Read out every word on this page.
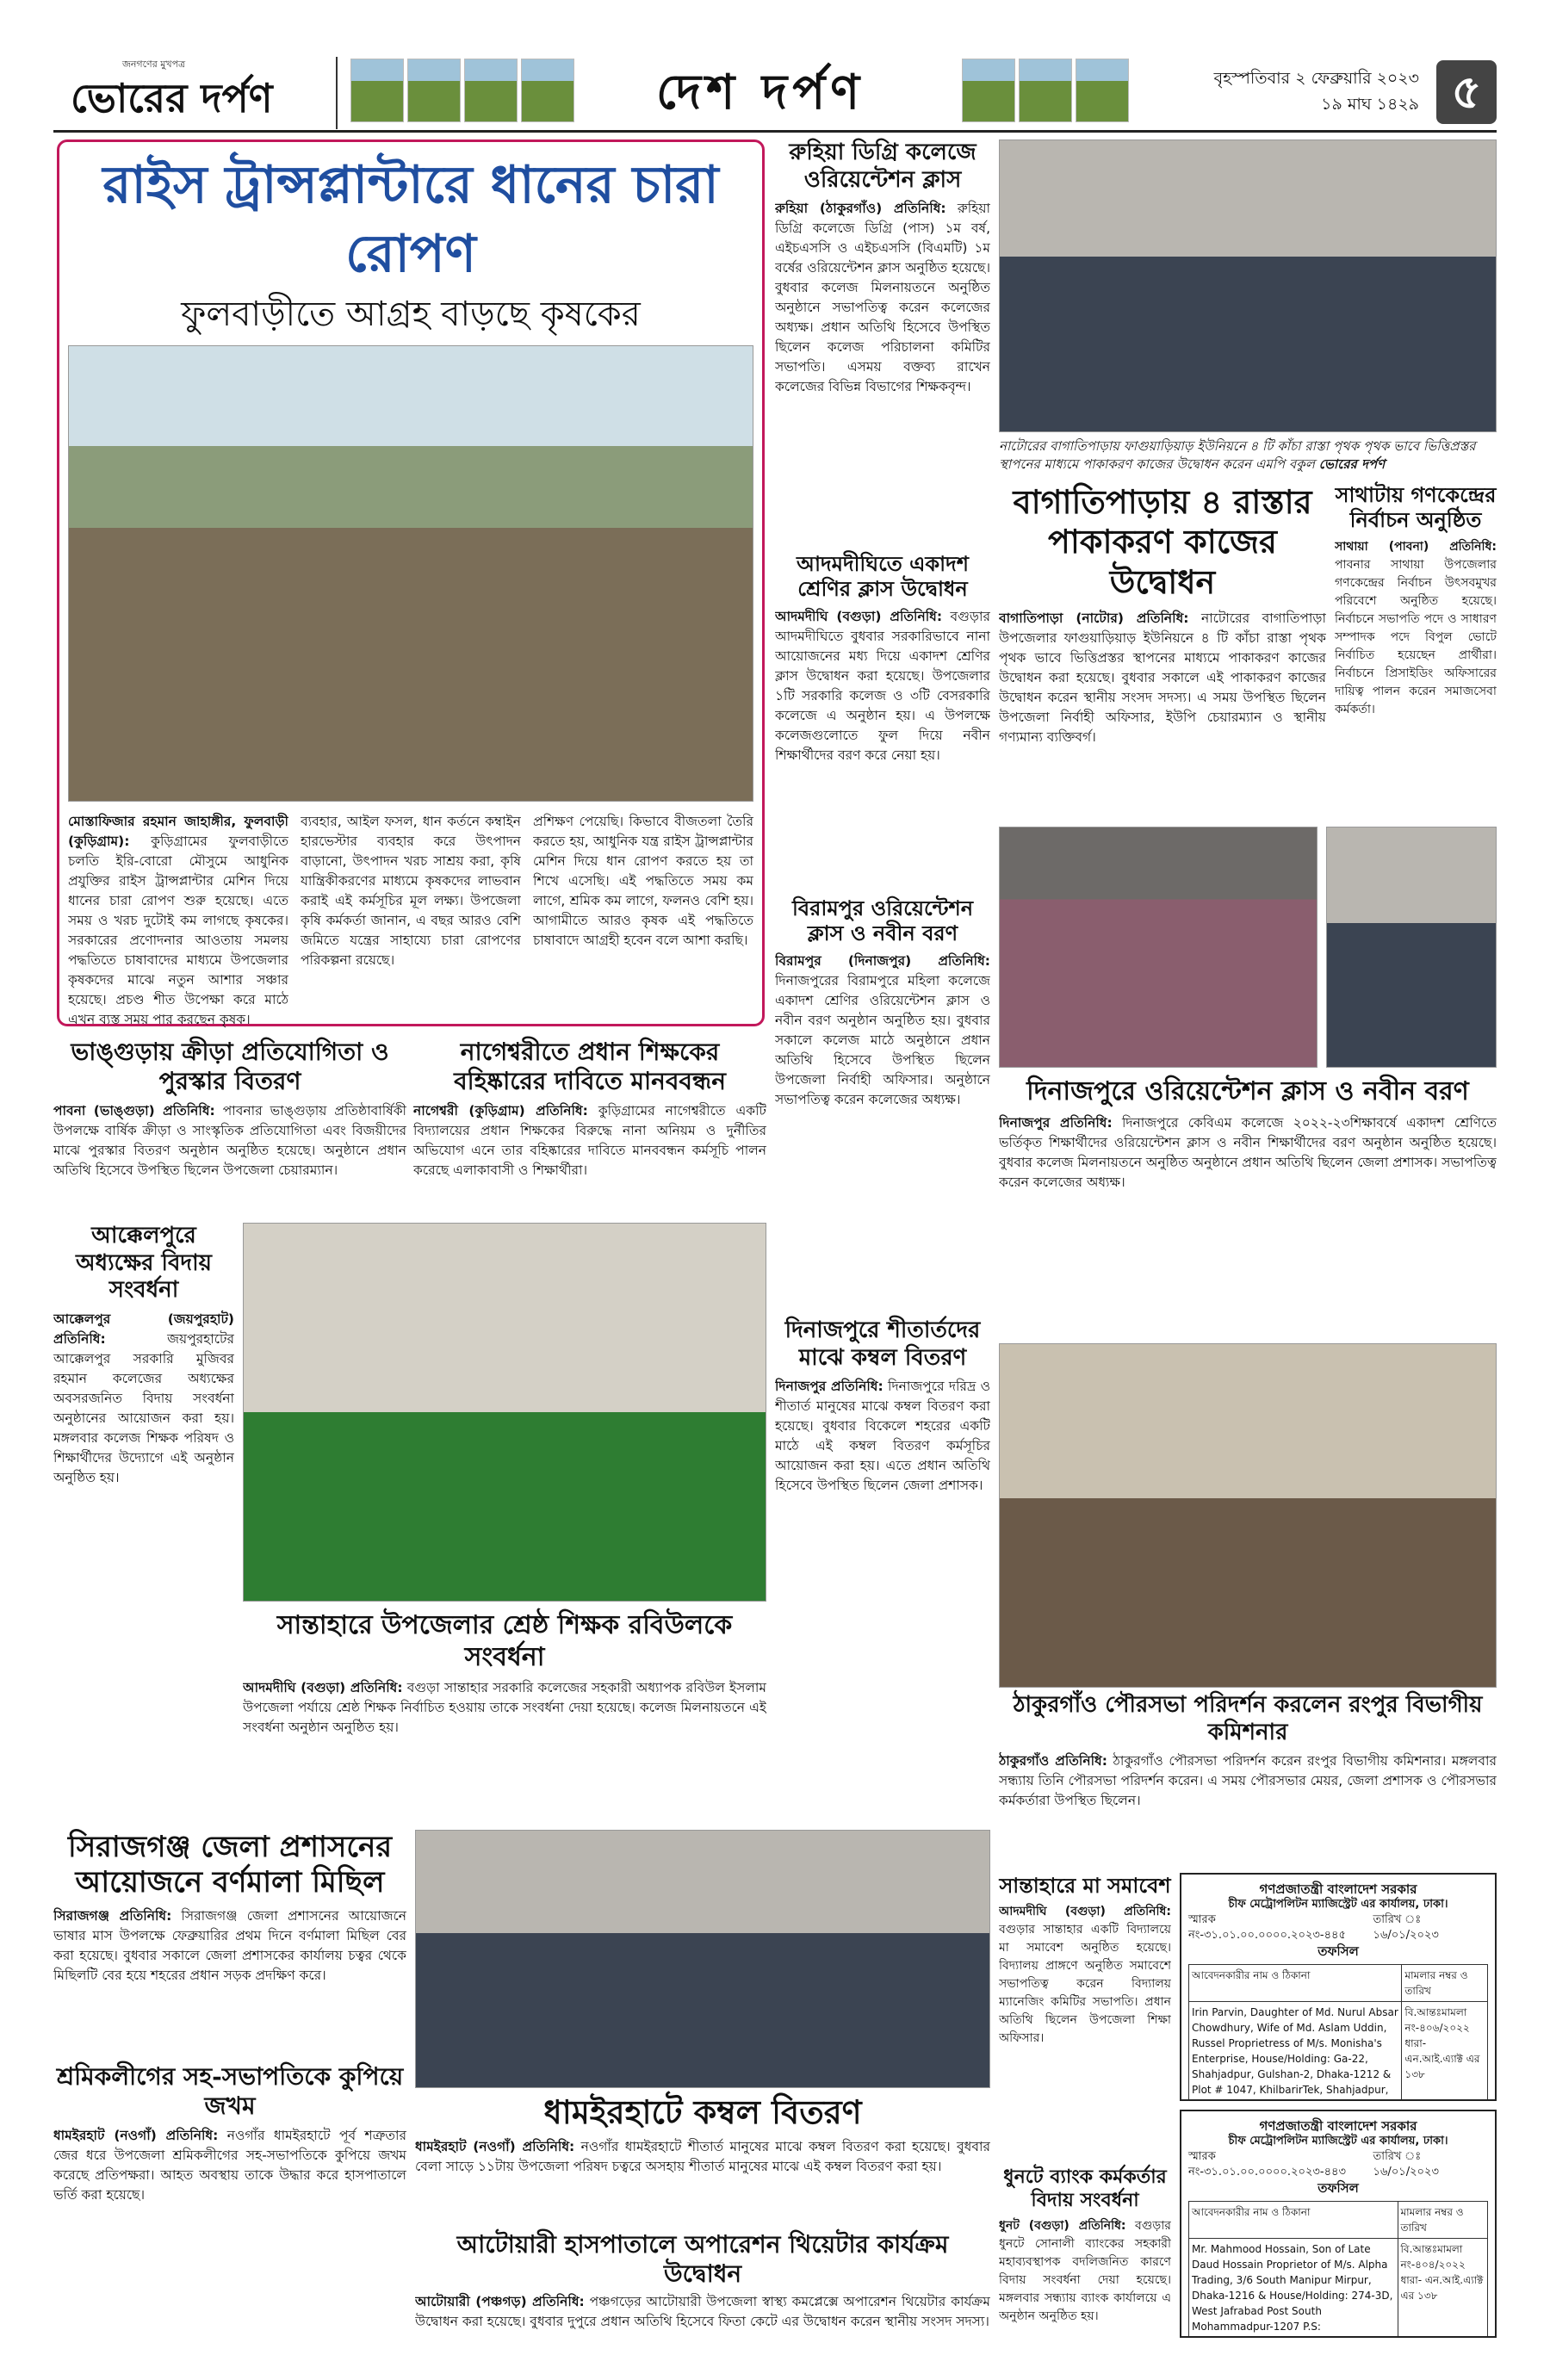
জনগণের মুখপত্র
ভোরের দর্পণ	দেশ দর্পণ	বৃহস্পতিবার ২ ফেব্রুয়ারি ২০২৩
১৯ মাঘ ১৪২৯ ৫
রাইস ট্রান্সপ্লান্টারে ধানের চারা রোপণ
ফুলবাড়ীতে আগ্রহ বাড়ছে কৃষকের

মোস্তাফিজার রহমান জাহাঙ্গীর, ফুলবাড়ী (কুড়িগ্রাম): কুড়িগ্রামের ফুলবাড়ীতে চলতি ইরি-বোরো মৌসুমে আধুনিক প্রযুক্তির রাইস ট্রান্সপ্লান্টার মেশিন দিয়ে ধানের চারা রোপণ শুরু হয়েছে। এতে সময় ও খরচ দুটোই কম লাগছে কৃষকের। সরকারের প্রণোদনার আওতায় সমলয় পদ্ধতিতে চাষাবাদের মাধ্যমে উপজেলার কৃষকদের মাঝে নতুন আশার সঞ্চার হয়েছে। প্রচণ্ড শীত উপেক্ষা করে মাঠে এখন ব্যস্ত সময় পার করছেন কৃষক।

ব্যবহার, আইল ফসল, ধান কর্তনে কম্বাইন হারভেস্টার ব্যবহার করে উৎপাদন বাড়ানো, উৎপাদন খরচ সাশ্রয় করা, কৃষি যান্ত্রিকীকরণের মাধ্যমে কৃষকদের লাভবান করাই এই কর্মসূচির মূল লক্ষ্য। উপজেলা কৃষি কর্মকর্তা জানান, এ বছর আরও বেশি জমিতে যন্ত্রের সাহায্যে চারা রোপণের পরিকল্পনা রয়েছে।

প্রশিক্ষণ পেয়েছি। কিভাবে বীজতলা তৈরি করতে হয়, আধুনিক যন্ত্র রাইস ট্রান্সপ্লান্টার মেশিন দিয়ে ধান রোপণ করতে হয় তা শিখে এসেছি। এই পদ্ধতিতে সময় কম লাগে, শ্রমিক কম লাগে, ফলনও বেশি হয়। আগামীতে আরও কৃষক এই পদ্ধতিতে চাষাবাদে আগ্রহী হবেন বলে আশা করছি।

রুহিয়া ডিগ্রি কলেজে ওরিয়েন্টেশন ক্লাস
রুহিয়া (ঠাকুরগাঁও) প্রতিনিধি: রুহিয়া ডিগ্রি কলেজে ডিগ্রি (পাস) ১ম বর্ষ, এইচএসসি ও এইচএসসি (বিএমটি) ১ম বর্ষের ওরিয়েন্টেশন ক্লাস অনুষ্ঠিত হয়েছে। বুধবার কলেজ মিলনায়তনে অনুষ্ঠিত অনুষ্ঠানে সভাপতিত্ব করেন কলেজের অধ্যক্ষ। প্রধান অতিথি হিসেবে উপস্থিত ছিলেন কলেজ পরিচালনা কমিটির সভাপতি। এসময় বক্তব্য রাখেন কলেজের বিভিন্ন বিভাগের শিক্ষকবৃন্দ।
নাটোরের বাগাতিপাড়ায় ফাগুয়াড়িয়াড় ইউনিয়নে ৪ টি কাঁচা রাস্তা পৃথক পৃথক ভাবে ভিত্তিপ্রস্তর স্থাপনের মাধ্যমে পাকাকরণ কাজের উদ্বোধন করেন এমপি বকুল ভোরের দর্পণ
বাগাতিপাড়ায় ৪ রাস্তার পাকাকরণ কাজের উদ্বোধন
বাগাতিপাড়া (নাটোর) প্রতিনিধি: নাটোরের বাগাতিপাড়া উপজেলার ফাগুয়াড়িয়াড় ইউনিয়নে ৪ টি কাঁচা রাস্তা পৃথক পৃথক ভাবে ভিত্তিপ্রস্তর স্থাপনের মাধ্যমে পাকাকরণ কাজের উদ্বোধন করা হয়েছে। বুধবার সকালে এই পাকাকরণ কাজের উদ্বোধন করেন স্থানীয় সংসদ সদস্য। এ সময় উপস্থিত ছিলেন উপজেলা নির্বাহী অফিসার, ইউপি চেয়ারম্যান ও স্থানীয় গণ্যমান্য ব্যক্তিবর্গ।
সাথাটায় গণকেন্দ্রের নির্বাচন অনুষ্ঠিত
সাথায়া (পাবনা) প্রতিনিধি: পাবনার সাথায়া উপজেলার গণকেন্দ্রের নির্বাচন উৎসবমুখর পরিবেশে অনুষ্ঠিত হয়েছে। নির্বাচনে সভাপতি পদে ও সাধারণ সম্পাদক পদে বিপুল ভোটে নির্বাচিত হয়েছেন প্রার্থীরা। নির্বাচনে প্রিসাইডিং অফিসারের দায়িত্ব পালন করেন সমাজসেবা কর্মকর্তা।
আদমদীঘিতে একাদশ শ্রেণির ক্লাস উদ্বোধন
আদমদীঘি (বগুড়া) প্রতিনিধি: বগুড়ার আদমদীঘিতে বুধবার সরকারিভাবে নানা আয়োজনের মধ্য দিয়ে একাদশ শ্রেণির ক্লাস উদ্বোধন করা হয়েছে। উপজেলার ১টি সরকারি কলেজ ও ৩টি বেসরকারি কলেজে এ অনুষ্ঠান হয়। এ উপলক্ষে কলেজগুলোতে ফুল দিয়ে নবীন শিক্ষার্থীদের বরণ করে নেয়া হয়।
বিরামপুর ওরিয়েন্টেশন ক্লাস ও নবীন বরণ
বিরামপুর (দিনাজপুর) প্রতিনিধি: দিনাজপুরের বিরামপুরে মহিলা কলেজে একাদশ শ্রেণির ওরিয়েন্টেশন ক্লাস ও নবীন বরণ অনুষ্ঠান অনুষ্ঠিত হয়। বুধবার সকালে কলেজ মাঠে অনুষ্ঠানে প্রধান অতিথি হিসেবে উপস্থিত ছিলেন উপজেলা নির্বাহী অফিসার। অনুষ্ঠানে সভাপতিত্ব করেন কলেজের অধ্যক্ষ।	দিনাজপুরে ওরিয়েন্টেশন ক্লাস ও নবীন বরণ
দিনাজপুর প্রতিনিধি: দিনাজপুরে কেবিএম কলেজে ২০২২-২৩শিক্ষাবর্ষে একাদশ শ্রেণিতে ভর্তিকৃত শিক্ষার্থীদের ওরিয়েন্টেশন ক্লাস ও নবীন শিক্ষার্থীদের বরণ অনুষ্ঠান অনুষ্ঠিত হয়েছে। বুধবার কলেজ মিলনায়তনে অনুষ্ঠিত অনুষ্ঠানে প্রধান অতিথি ছিলেন জেলা প্রশাসক। সভাপতিত্ব করেন কলেজের অধ্যক্ষ।
ভাঙ্গুড়ায় ক্রীড়া প্রতিযোগিতা ও পুরস্কার বিতরণ
পাবনা (ভাঙ্গুড়া) প্রতিনিধি: পাবনার ভাঙ্গুড়ায় প্রতিষ্ঠাবার্ষিকী উপলক্ষে বার্ষিক ক্রীড়া ও সাংস্কৃতিক প্রতিযোগিতা এবং বিজয়ীদের মাঝে পুরস্কার বিতরণ অনুষ্ঠান অনুষ্ঠিত হয়েছে। অনুষ্ঠানে প্রধান অতিথি হিসেবে উপস্থিত ছিলেন উপজেলা চেয়ারম্যান।
নাগেশ্বরীতে প্রধান শিক্ষকের বহিষ্কারের দাবিতে মানববন্ধন
নাগেশ্বরী (কুড়িগ্রাম) প্রতিনিধি: কুড়িগ্রামের নাগেশ্বরীতে একটি বিদ্যালয়ের প্রধান শিক্ষকের বিরুদ্ধে নানা অনিয়ম ও দুর্নীতির অভিযোগ এনে তার বহিষ্কারের দাবিতে মানববন্ধন কর্মসূচি পালন করেছে এলাকাবাসী ও শিক্ষার্থীরা।
আক্কেলপুরে অধ্যক্ষের বিদায় সংবর্ধনা
আক্কেলপুর (জয়পুরহাট) প্রতিনিধি:	জয়পুরহাটের আক্কেলপুর সরকারি মুজিবর রহমান কলেজের অধ্যক্ষের অবসরজনিত বিদায় সংবর্ধনা অনুষ্ঠানের আয়োজন করা হয়। মঙ্গলবার কলেজ শিক্ষক পরিষদ ও শিক্ষার্থীদের উদ্যোগে এই অনুষ্ঠান অনুষ্ঠিত হয়।
সান্তাহারে উপজেলার শ্রেষ্ঠ শিক্ষক রবিউলকে সংবর্ধনা
আদমদীঘি (বগুড়া) প্রতিনিধি: বগুড়া সান্তাহার সরকারি কলেজের সহকারী অধ্যাপক রবিউল ইসলাম উপজেলা পর্যায়ে শ্রেষ্ঠ শিক্ষক নির্বাচিত হওয়ায় তাকে সংবর্ধনা দেয়া হয়েছে। কলেজ মিলনায়তনে এই সংবর্ধনা অনুষ্ঠান অনুষ্ঠিত হয়।
দিনাজপুরে শীতার্তদের মাঝে কম্বল বিতরণ
দিনাজপুর প্রতিনিধি: দিনাজপুরে দরিদ্র ও শীতার্ত মানুষের মাঝে কম্বল বিতরণ করা হয়েছে। বুধবার বিকেলে শহরের একটি মাঠে এই কম্বল বিতরণ কর্মসূচির আয়োজন করা হয়। এতে প্রধান অতিথি হিসেবে উপস্থিত ছিলেন জেলা প্রশাসক।
ঠাকুরগাঁও পৌরসভা পরিদর্শন করলেন রংপুর বিভাগীয় কমিশনার
ঠাকুরগাঁও প্রতিনিধি: ঠাকুরগাঁও পৌরসভা পরিদর্শন করেন রংপুর বিভাগীয় কমিশনার। মঙ্গলবার সন্ধ্যায় তিনি পৌরসভা পরিদর্শন করেন। এ সময় পৌরসভার মেয়র, জেলা প্রশাসক ও পৌরসভার কর্মকর্তারা উপস্থিত ছিলেন।
সিরাজগঞ্জ জেলা প্রশাসনের আয়োজনে বর্ণমালা মিছিল
সিরাজগঞ্জ প্রতিনিধি: সিরাজগঞ্জ জেলা প্রশাসনের আয়োজনে ভাষার মাস উপলক্ষে ফেব্রুয়ারির প্রথম দিনে বর্ণমালা মিছিল বের করা হয়েছে। বুধবার সকালে জেলা প্রশাসকের কার্যালয় চত্বর থেকে মিছিলটি বের হয়ে শহরের প্রধান সড়ক প্রদক্ষিণ করে।
শ্রমিকলীগের সহ-সভাপতিকে কুপিয়ে জখম
ধামইরহাট (নওগাঁ) প্রতিনিধি: নওগাঁর ধামইরহাটে পূর্ব শত্রুতার জের ধরে উপজেলা শ্রমিকলীগের সহ-সভাপতিকে কুপিয়ে জখম করেছে প্রতিপক্ষরা। আহত অবস্থায় তাকে উদ্ধার করে হাসপাতালে ভর্তি করা হয়েছে।
ধামইরহাটে কম্বল বিতরণ
ধামইরহাট (নওগাঁ) প্রতিনিধি: নওগাঁর ধামইরহাটে শীতার্ত মানুষের মাঝে কম্বল বিতরণ করা হয়েছে। বুধবার বেলা সাড়ে ১১টায় উপজেলা পরিষদ চত্বরে অসহায় শীতার্ত মানুষের মাঝে এই কম্বল বিতরণ করা হয়।
আটোয়ারী হাসপাতালে অপারেশন থিয়েটার কার্যক্রম উদ্বোধন
আটোয়ারী (পঞ্চগড়) প্রতিনিধি: পঞ্চগড়ের আটোয়ারী উপজেলা স্বাস্থ্য কমপ্লেক্সে অপারেশন থিয়েটার কার্যক্রম উদ্বোধন করা হয়েছে। বুধবার দুপুরে প্রধান অতিথি হিসেবে ফিতা কেটে এর উদ্বোধন করেন স্থানীয় সংসদ সদস্য।
সান্তাহারে মা সমাবেশ
আদমদীঘি (বগুড়া) প্রতিনিধি: বগুড়ার সান্তাহার একটি বিদ্যালয়ে মা সমাবেশ অনুষ্ঠিত হয়েছে। বিদ্যালয় প্রাঙ্গণে অনুষ্ঠিত সমাবেশে সভাপতিত্ব করেন বিদ্যালয় ম্যানেজিং কমিটির সভাপতি। প্রধান অতিথি ছিলেন উপজেলা শিক্ষা অফিসার।
ধুনটে ব্যাংক কর্মকর্তার বিদায় সংবর্ধনা
ধুনট (বগুড়া) প্রতিনিধি: বগুড়ার ধুনটে সোনালী ব্যাংকের সহকারী মহাব্যবস্থাপক বদলিজনিত কারণে বিদায় সংবর্ধনা দেয়া হয়েছে। মঙ্গলবার সন্ধ্যায় ব্যাংক কার্যালয়ে এ অনুষ্ঠান অনুষ্ঠিত হয়।
গণপ্রজাতন্ত্রী বাংলাদেশ সরকার
চীফ মেট্রোপলিটন ম্যাজিস্ট্রেট এর কার্যালয়, ঢাকা।
স্মারক নং-৩১.০১.০০.০০০০.২০২৩-৪৪৫
তারিখ ঃ ১৬/০১/২০২৩
তফসিল
আবেদনকারীর নাম ও ঠিকানা	মামলার নম্বর ও তারিখ
Irin Parvin, Daughter of Md. Nurul Absar Chowdhury, Wife of Md. Aslam Uddin, Russel Proprietress of M/s. Monisha's Enterprise, House/Holding: Ga-22, Shahjadpur, Gulshan-2, Dhaka-1212 & Plot # 1047, KhilbarirTek, Shahjadpur,	বি.আন্তঃমামলা নং-৪০৬/২০২২ ধারা- এন.আই.এ্যাক্ট এর ১৩৮
গণপ্রজাতন্ত্রী বাংলাদেশ সরকার
চীফ মেট্রোপলিটন ম্যাজিস্ট্রেট এর কার্যালয়, ঢাকা।
স্মারক নং-৩১.০১.০০.০০০০.২০২৩-৪৪৩
তারিখ ঃ ১৬/০১/২০২৩
তফসিল
আবেদনকারীর নাম ও ঠিকানা	মামলার নম্বর ও তারিখ
Mr. Mahmood Hossain, Son of Late Daud Hossain Proprietor of M/s. Alpha Trading, 3/6 South Manipur Mirpur, Dhaka-1216 & House/Holding: 274-3D, West Jafrabad Post South Mohammadpur-1207 P.S:	বি.আন্তঃমামলা নং-৪০৪/২০২২ ধারা- এন.আই.এ্যাক্ট এর ১৩৮
